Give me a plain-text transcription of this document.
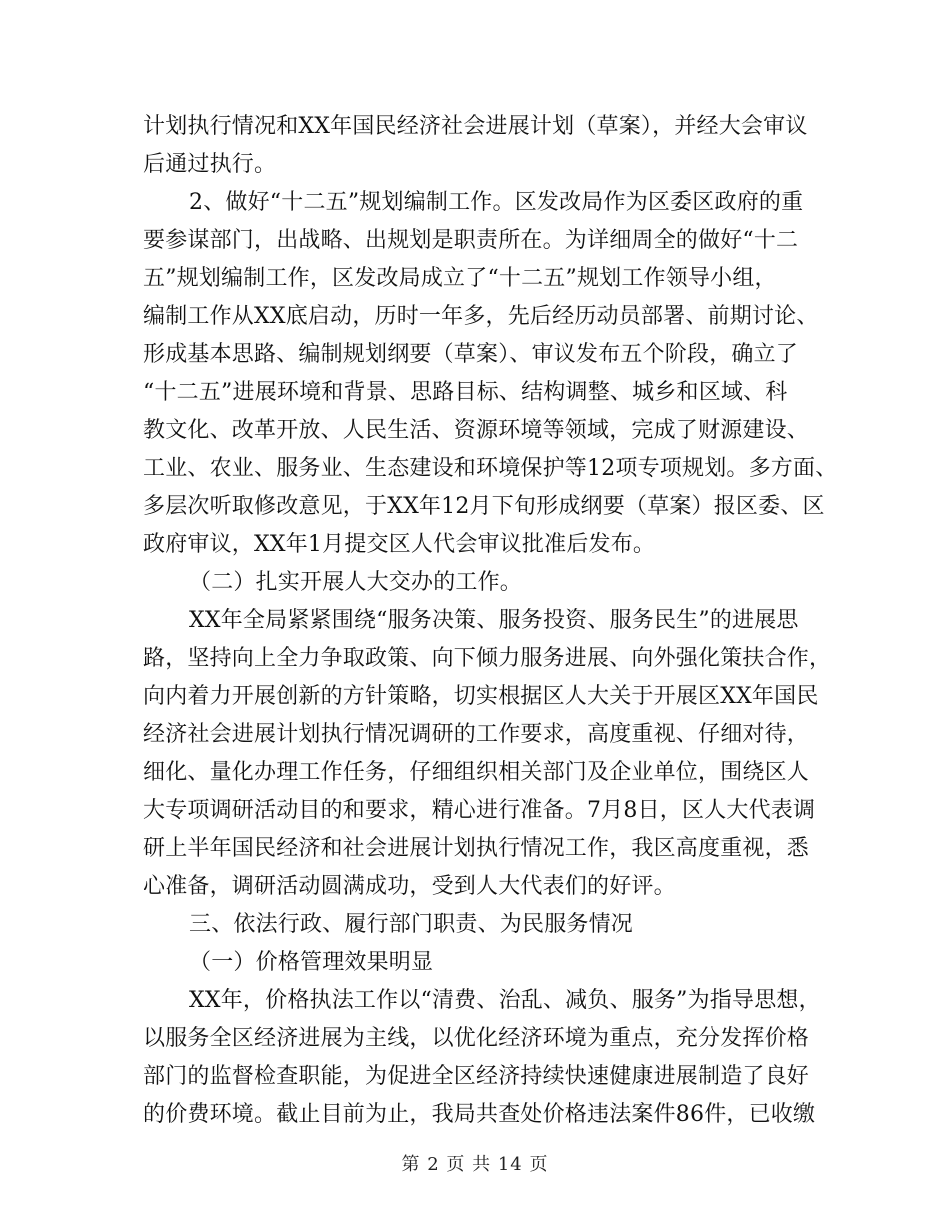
计划执行情况和XX年国民经济社会进展计划（草案），并经大会审议
后通过执行。
2、做好“十二五”规划编制工作。区发改局作为区委区政府的重
要参谋部门，出战略、出规划是职责所在。为详细周全的做好“十二
五”规划编制工作，区发改局成立了“十二五”规划工作领导小组，
编制工作从XX底启动，历时一年多，先后经历动员部署、前期讨论、
形成基本思路、编制规划纲要（草案）、审议发布五个阶段，确立了
“十二五”进展环境和背景、思路目标、结构调整、城乡和区域、科
教文化、改革开放、人民生活、资源环境等领域，完成了财源建设、
工业、农业、服务业、生态建设和环境保护等12项专项规划。多方面、
多层次听取修改意见，于XX年12月下旬形成纲要（草案）报区委、区
政府审议，XX年1月提交区人代会审议批准后发布。
（二）扎实开展人大交办的工作。
XX年全局紧紧围绕“服务决策、服务投资、服务民生”的进展思
路，坚持向上全力争取政策、向下倾力服务进展、向外强化策扶合作，
向内着力开展创新的方针策略，切实根据区人大关于开展区XX年国民
经济社会进展计划执行情况调研的工作要求，高度重视、仔细对待，
细化、量化办理工作任务，仔细组织相关部门及企业单位，围绕区人
大专项调研活动目的和要求，精心进行准备。7月8日，区人大代表调
研上半年国民经济和社会进展计划执行情况工作，我区高度重视，悉
心准备，调研活动圆满成功，受到人大代表们的好评。
三、依法行政、履行部门职责、为民服务情况
（一）价格管理效果明显
XX年，价格执法工作以“清费、治乱、减负、服务”为指导思想，
以服务全区经济进展为主线，以优化经济环境为重点，充分发挥价格
部门的监督检查职能，为促进全区经济持续快速健康进展制造了良好
的价费环境。截止目前为止，我局共查处价格违法案件86件，已收缴
第 2 页 共 14 页
